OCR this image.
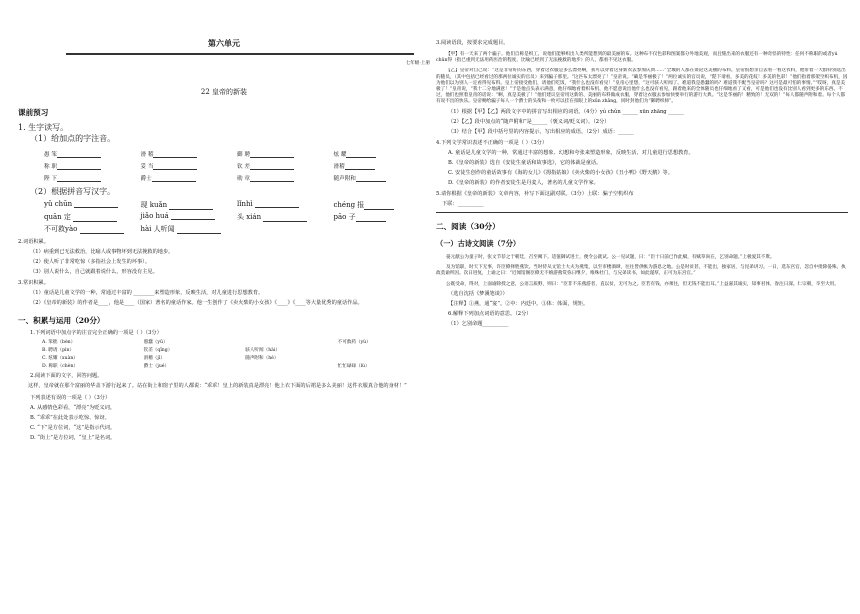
第六单元
七年级·上册
22 皇帝的新装
课前预习
1. 生字读写。
（1）给加点的字注音。
愚 笨	滑 稽	御 聘	炫 耀
称 职	妥 当	钦 差	滑稽
陛 下	爵士	勋 章	随声附和
（2）根据拼音写汉字。
yǔ chūn	现 kuǎn	lǐnhì	chéng 报
quān 定	jiǎo huá	头 xián	pāo 子
不可救yào	hài 人听闻
2.词语积累。
（1）病重到已无法救治，比喻人或事物坏到无法挽救的地步。
（2）使人听了非常吃惊（多指社会上发生的坏事）。
（3）别人说什么，自己就跟着说什么，形容没有主见。
3.常识积累。
（1）童话是儿童文学的一种，常通过丰富的 ________来塑造形象，反映生活，对儿童进行思想教育。
（2）《皇帝的新装》的作者是____，他是____（国家）著名的童话作家。他一生创作了《卖火柴的小女孩》《____》《____等大量优秀的童话作品。
一、积累与运用（20分）
1.下列词语中加点字的注音完全正确的一项是（ ）（3分）
A. 笨拙（bèn）	愚蠢（yǔ）	不可救药（yù）
B. 聘请（pìn）	钦差（qīng）	骇人听闻（hài）
C. 炫耀（xuàn）	滑稽（jī）	随声附和（hé）
D. 称职（chèn）	爵士（jué）	忙忙碌碌（lù）
2.阅读下面的文字，回答问题。
这样，皇帝就在那个富丽的华盖下游行起来了。站在街上和窗子里的人都说：“乖乖！皇上的新装真是漂亮！他上衣下面的后裙是多么美丽！这件衣服真合他的身材！”
下列表述有误的一项是（ ）（3分）
A. 从感情色彩看，“漂亮”为贬义词。
B. “乖乖”在此处表示吃惊、惊讶。
C. “下”是方位词，“这”是指示代词。
D. “街上”是方位词，“皇上”是名词。
3.阅读语段，按要求完成题目。
【甲】有一天来了两个骗子。他们自称是织工，说他们能够织出人类所能想到的最美丽的布。这种布不仅色彩和图案都分外地美观，而且缝出来的衣服还有一种奇怪的特性：任何不称职的或者yú chǔn得（指已重到无法用药医治的程度，比喻已经到了无法挽救的地步）的人，都看不见这衣服。
【乙】皇帝对自己说：“这是非常好的东西，穿着这衣服是多么漂亮啊，我可以穿着这身新衣去参加庆典……”全城的人都在谈论这美丽的布料。皇帝很想亲自去看一看这衣料，他带着一大群特别选出的随员，（其中包括已经看过的那两位诚实的官员）来到骗子那里。“这匹布太漂亮了！”皇帝说。“确是华丽极了！”两位诚实的官员说，“陛下请看，多美的花纹！多美的色彩！”他们指着那架空织布机，因为他们以为别人一定看得见布料。皇上帝接受他们，请他们吃饭，“我什么也没有看见！”皇帝心里想，“这可骇人听闻了。难道我是愚蠢的吗？难道我不配当皇帝吗？这可是最可怕的事情。”“哎呀，真是美极了！”皇帝说，“我十二分地满意！”于是他点头表示满意，他仔细地看着织布机，他不愿意说出他什么也没有看见，跟着他来的全体随员也仔细地看了又看，可是他们也没有比别人看到更多的东西。不过，他们也照着皇帝的话说：“啊，真是美极了！”他们建议皇帝用这新的、美丽的布料做成衣服，穿着这衣服去参加快要举行的游行大典。“这是华丽的！精致的！无双的！”每人都随声附和着。每个人都有说不出的快乐。皇帝赐给骗子每人一个爵士的头衔和一枚可以挂在扣眼上的xūn zhāng，同时封他们为“御聘织师”。
（1）根据【甲】【乙】两段文字中的拼音写出相应的词语。（4分）yú chǔn ______ xūn zhāng ______
（2）【乙】段中加点的“随声附和”是______（褒义词/贬义词）。（2分）
（3）结合【甲】段中括号里的内容提示，写出相应的成语。（2分）成语：______
4.下列文学常识表述不正确的一项是（ ）（3分）
A. 童话是儿童文学的一种，常通过丰富的想象、幻想和夸张来塑造形象，反映生活，对儿童进行思想教育。
B.《皇帝的新装》选自《安徒生童话和故事选》，它的体裁是童话。
C. 安徒生创作的童话故事有《海的女儿》《拇指姑娘》《卖火柴的小女孩》《丑小鸭》《野天鹅》等。
D.《皇帝的新装》的作者安徒生是丹麦人，著名的儿童文学作家。
5.请你根据《皇帝的新装》文章内容，补写下面这副对联。（3分）上联：骗子空机织布
下联：__________
二、阅读（30分）
（一）古诗文阅读（7分）
晏元献公为童子时，张文节荐之于朝廷，召至阙下。适值御试进士，便令公就试。公一见试题，曰：“臣十日前已作此赋，有赋草尚在，乞别命题。”上极爱其不欺。
及为馆职，时天下无事，许臣僚择胜燕饮。当时侍从文馆士大夫为燕集，以至市楼酒肆，往往皆供帐为游息之地。公是时贫甚，不能出，独家居，与昆弟讲习。一日，选东宫官，忽自中批除晏殊。执政莫谕所因。次日进复，上谕之曰：“近闻馆阁臣僚无不嬉游燕赏弥日继夕，唯殊杜门，与兄弟读书，如此谨厚，正可为东宫官。”
公既受命，得对，上面谕除授之意，公语言质野，则曰：“臣非不乐燕游者，直以贫，无可为之。臣若有钱，亦须往，但无钱不能出耳。”上益嘉其诚实，知事君体，眷注日深。仁宗朝，卒至大用。
（选自沈括《梦溪笔谈》）
【注释】①燕，通“宴”。②中：内廷中。③体：体面，规矩。
6.解释下列加点词语的意思。（2分）
（1）乞别命题__________
